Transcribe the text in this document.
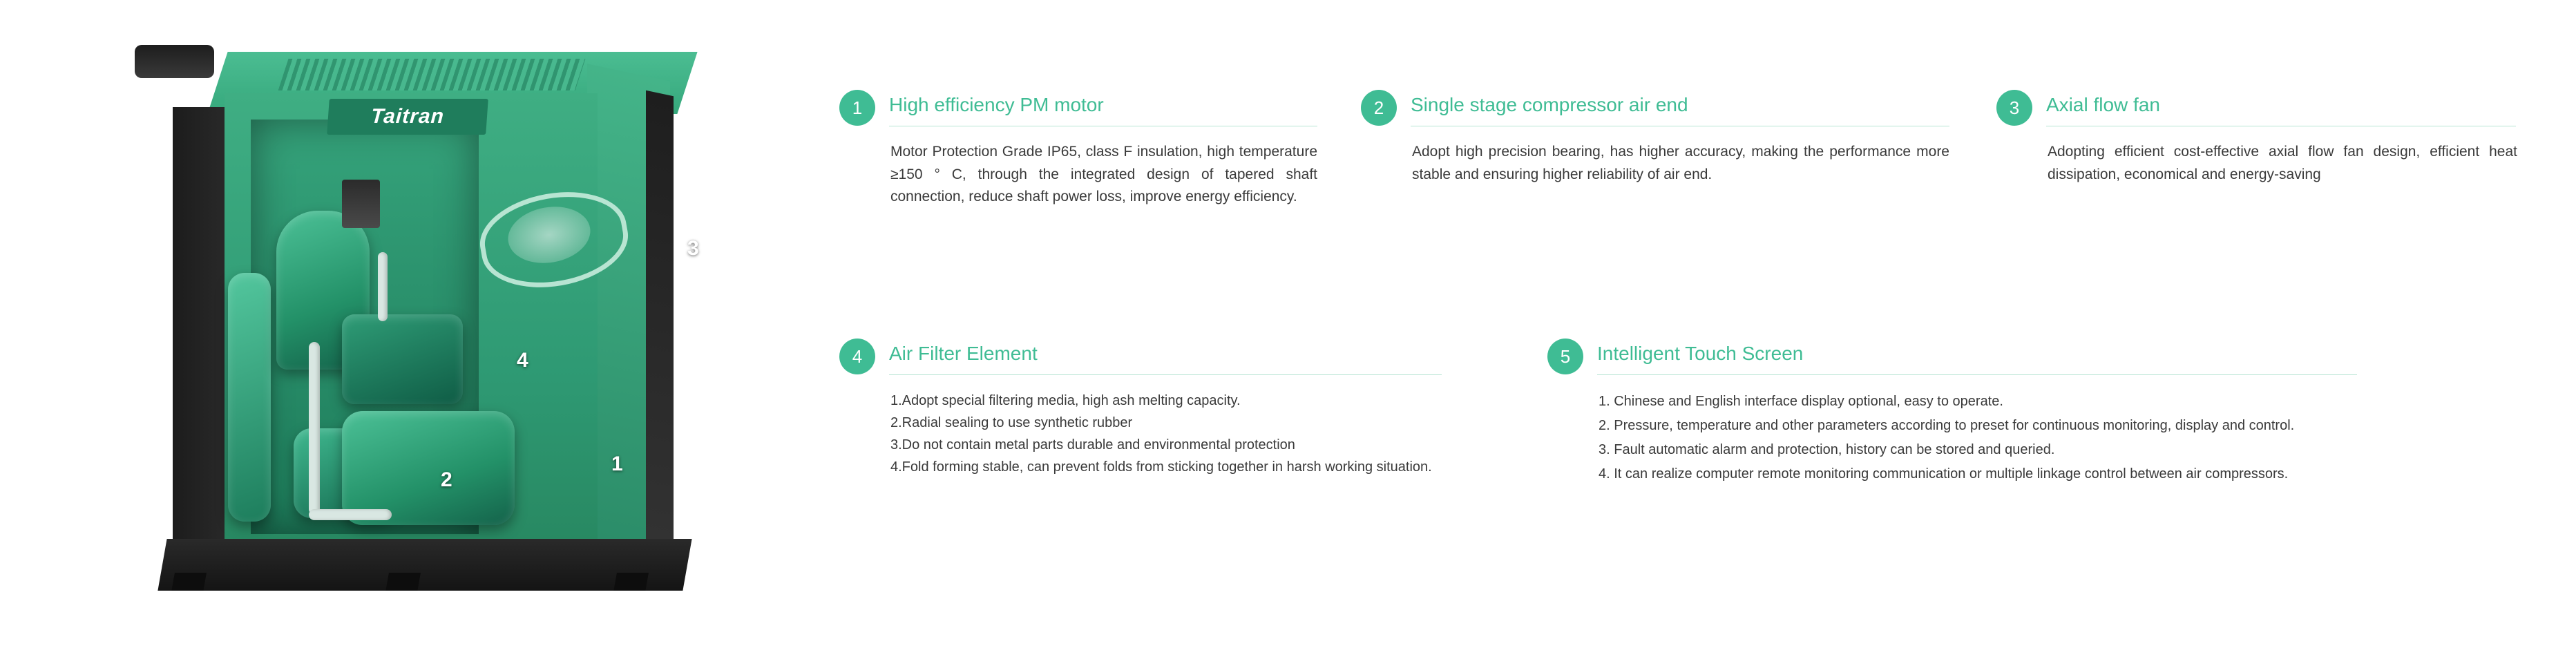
Taitran
1
2
3
4
1	High efficiency PM motor
Motor Protection Grade IP65, class F insulation, high temperature ≥150 ° C, through the integrated design of tapered shaft connection, reduce shaft power loss, improve energy efficiency.
2	Single stage compressor air end
Adopt high precision bearing, has higher accuracy, making the performance more stable and ensuring higher reliability of air end.
3	Axial flow fan
Adopting efficient cost-effective axial flow fan design, efficient heat dissipation, economical and energy-saving
4	Air Filter Element
1.Adopt special filtering media, high ash melting capacity.
2.Radial sealing to use synthetic rubber
3.Do not contain metal parts durable and environmental protection
4.Fold forming stable, can prevent folds from sticking together in harsh working situation.
5	Intelligent Touch Screen
1. Chinese and English interface display optional, easy to operate.
2. Pressure, temperature and other parameters according to preset for continuous monitoring, display and control.
3. Fault automatic alarm and protection, history can be stored and queried.
4. It can realize computer remote monitoring communication or multiple linkage control between air compressors.
